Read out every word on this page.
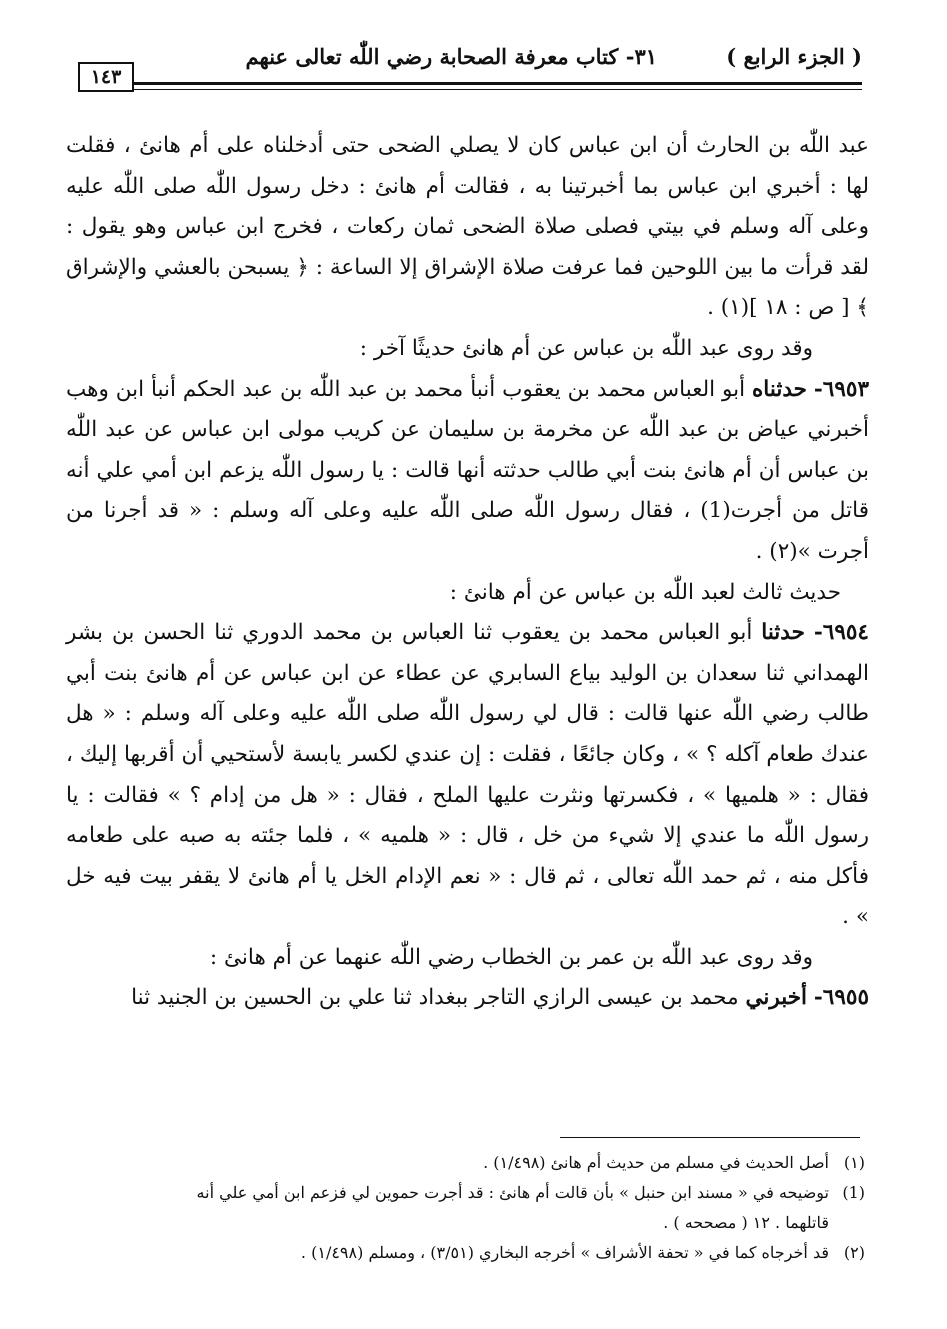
( الجزء الرابع )
٣١- كتاب معرفة الصحابة رضي اللّٰه تعالى عنهم
١٤٣

عبد اللّٰه بن الحارث أن ابن عباس كان لا يصلي الضحى حتى أدخلناه على أم هانئ ، فقلت لها : أخبري ابن عباس بما أخبرتينا به ، فقالت أم هانئ : دخل رسول اللّٰه صلى اللّٰه عليه وعلى آله وسلم في بيتي فصلى صلاة الضحى ثمان ركعات ، فخرج ابن عباس وهو يقول : لقد قرأت ما بين اللوحين فما عرفت صلاة الإشراق إلا الساعة : ﴿ يسبحن بالعشي والإشراق ﴾ [ ص : ١٨ ](١) .

وقد روى عبد اللّٰه بن عباس عن أم هانئ حديثًا آخر :

٦٩٥٣- حدثناه أبو العباس محمد بن يعقوب أنبأ محمد بن عبد اللّٰه بن عبد الحكم أنبأ ابن وهب أخبرني عياض بن عبد اللّٰه عن مخرمة بن سليمان عن كريب مولى ابن عباس عن عبد اللّٰه بن عباس أن أم هانئ بنت أبي طالب حدثته أنها قالت : يا رسول اللّٰه يزعم ابن أمي علي أنه قاتل من أجرت(1) ، فقال رسول اللّٰه صلى اللّٰه عليه وعلى آله وسلم : « قد أجرنا من أجرت »(٢) .

حديث ثالث لعبد اللّٰه بن عباس عن أم هانئ :

٦٩٥٤- حدثنا أبو العباس محمد بن يعقوب ثنا العباس بن محمد الدوري ثنا الحسن بن بشر الهمداني ثنا سعدان بن الوليد بياع السابري عن عطاء عن ابن عباس عن أم هانئ بنت أبي طالب رضي اللّٰه عنها قالت : قال لي رسول اللّٰه صلى اللّٰه عليه وعلى آله وسلم : « هل عندك طعام آكله ؟ » ، وكان جائعًا ، فقلت : إن عندي لكسر يابسة لأستحيي أن أقربها إليك ، فقال : « هلميها » ، فكسرتها ونثرت عليها الملح ، فقال : « هل من إدام ؟ » فقالت : يا رسول اللّٰه ما عندي إلا شيء من خل ، قال : « هلميه » ، فلما جئته به صبه على طعامه فأكل منه ، ثم حمد اللّٰه تعالى ، ثم قال : « نعم الإدام الخل يا أم هانئ لا يقفر بيت فيه خل » .

وقد روى عبد اللّٰه بن عمر بن الخطاب رضي اللّٰه عنهما عن أم هانئ :

٦٩٥٥- أخبرني محمد بن عيسى الرازي التاجر ببغداد ثنا علي بن الحسين بن الجنيد ثنا

(١)أصل الحديث في مسلم من حديث أم هانئ (١/٤٩٨) .

(1)توضيحه في « مسند ابن حنبل » بأن قالت أم هانئ : قد أجرت حموين لي فزعم ابن أمي علي أنه

قاتلهما . ١٢ ( مصححه ) .

(٢)قد أخرجاه كما في « تحفة الأشراف » أخرجه البخاري (٣/٥١) ، ومسلم (١/٤٩٨) .
